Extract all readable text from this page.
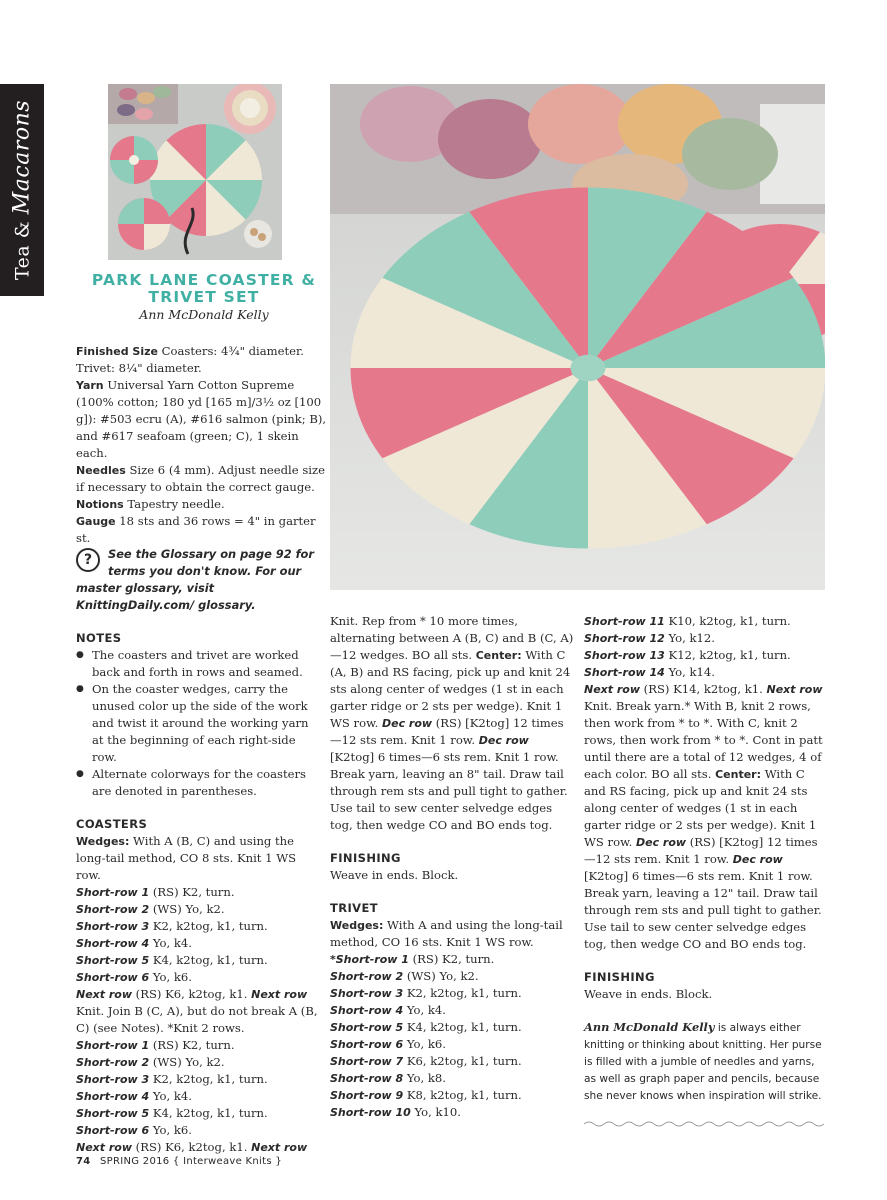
Tea & Macarons
PARK LANE COASTER &
TRIVET SET
Ann McDonald Kelly

Finished Size Coasters: 4¾" diameter. Trivet: 8¼" diameter.

Yarn Universal Yarn Cotton Supreme (100% cotton; 180 yd [165 m]/3½ oz [100 g]): #503 ecru (A), #616 salmon (pink; B), and #617 seafoam (green; C), 1 skein each.

Needles Size 6 (4 mm). Adjust needle size if necessary to obtain the correct gauge.

Notions Tapestry needle.

Gauge 18 sts and 36 rows = 4" in garter st.

?	See the Glossary on page 92 for terms you don't know. For our master glossary, visit KnittingDaily.com/ glossary.

NOTES

● The coasters and trivet are worked back and forth in rows and seamed.
● On the coaster wedges, carry the unused color up the side of the work and twist it around the working yarn at the beginning of each right-side row.
● Alternate colorways for the coasters are denoted in parentheses.

COASTERS

Wedges: With A (B, C) and using the long-tail method, CO 8 sts. Knit 1 WS row.

Short-row 1 (RS) K2, turn.

Short-row 2 (WS) Yo, k2.

Short-row 3 K2, k2tog, k1, turn.

Short-row 4 Yo, k4.

Short-row 5 K4, k2tog, k1, turn.

Short-row 6 Yo, k6.

Next row (RS) K6, k2tog, k1. Next row Knit. Join B (C, A), but do not break A (B, C) (see Notes). *Knit 2 rows.

Short-row 1 (RS) K2, turn.

Short-row 2 (WS) Yo, k2.

Short-row 3 K2, k2tog, k1, turn.

Short-row 4 Yo, k4.

Short-row 5 K4, k2tog, k1, turn.

Short-row 6 Yo, k6.

Next row (RS) K6, k2tog, k1. Next row

Knit. Rep from * 10 more times, alternating between A (B, C) and B (C, A)—12 wedges. BO all sts. Center: With C (A, B) and RS facing, pick up and knit 24 sts along center of wedges (1 st in each garter ridge or 2 sts per wedge). Knit 1 WS row. Dec row (RS) [K2tog] 12 times—12 sts rem. Knit 1 row. Dec row [K2tog] 6 times—6 sts rem. Knit 1 row. Break yarn, leaving an 8" tail. Draw tail through rem sts and pull tight to gather. Use tail to sew center selvedge edges tog, then wedge CO and BO ends tog.

FINISHING

Weave in ends. Block.

TRIVET

Wedges: With A and using the long-tail method, CO 16 sts. Knit 1 WS row.

*Short-row 1 (RS) K2, turn.

Short-row 2 (WS) Yo, k2.

Short-row 3 K2, k2tog, k1, turn.

Short-row 4 Yo, k4.

Short-row 5 K4, k2tog, k1, turn.

Short-row 6 Yo, k6.

Short-row 7 K6, k2tog, k1, turn.

Short-row 8 Yo, k8.

Short-row 9 K8, k2tog, k1, turn.

Short-row 10 Yo, k10.

Short-row 11 K10, k2tog, k1, turn.

Short-row 12 Yo, k12.

Short-row 13 K12, k2tog, k1, turn.

Short-row 14 Yo, k14.

Next row (RS) K14, k2tog, k1. Next row Knit. Break yarn.* With B, knit 2 rows, then work from * to *. With C, knit 2 rows, then work from * to *. Cont in patt until there are a total of 12 wedges, 4 of each color. BO all sts. Center: With C and RS facing, pick up and knit 24 sts along center of wedges (1 st in each garter ridge or 2 sts per wedge). Knit 1 WS row. Dec row (RS) [K2tog] 12 times—12 sts rem. Knit 1 row. Dec row [K2tog] 6 times—6 sts rem. Knit 1 row. Break yarn, leaving a 12" tail. Draw tail through rem sts and pull tight to gather. Use tail to sew center selvedge edges tog, then wedge CO and BO ends tog.

FINISHING

Weave in ends. Block.

Ann McDonald Kelly is always either knitting or thinking about knitting. Her purse is filled with a jumble of needles and yarns, as well as graph paper and pencils, because she never knows when inspiration will strike.

74 SPRING 2016 { Interweave Knits }
